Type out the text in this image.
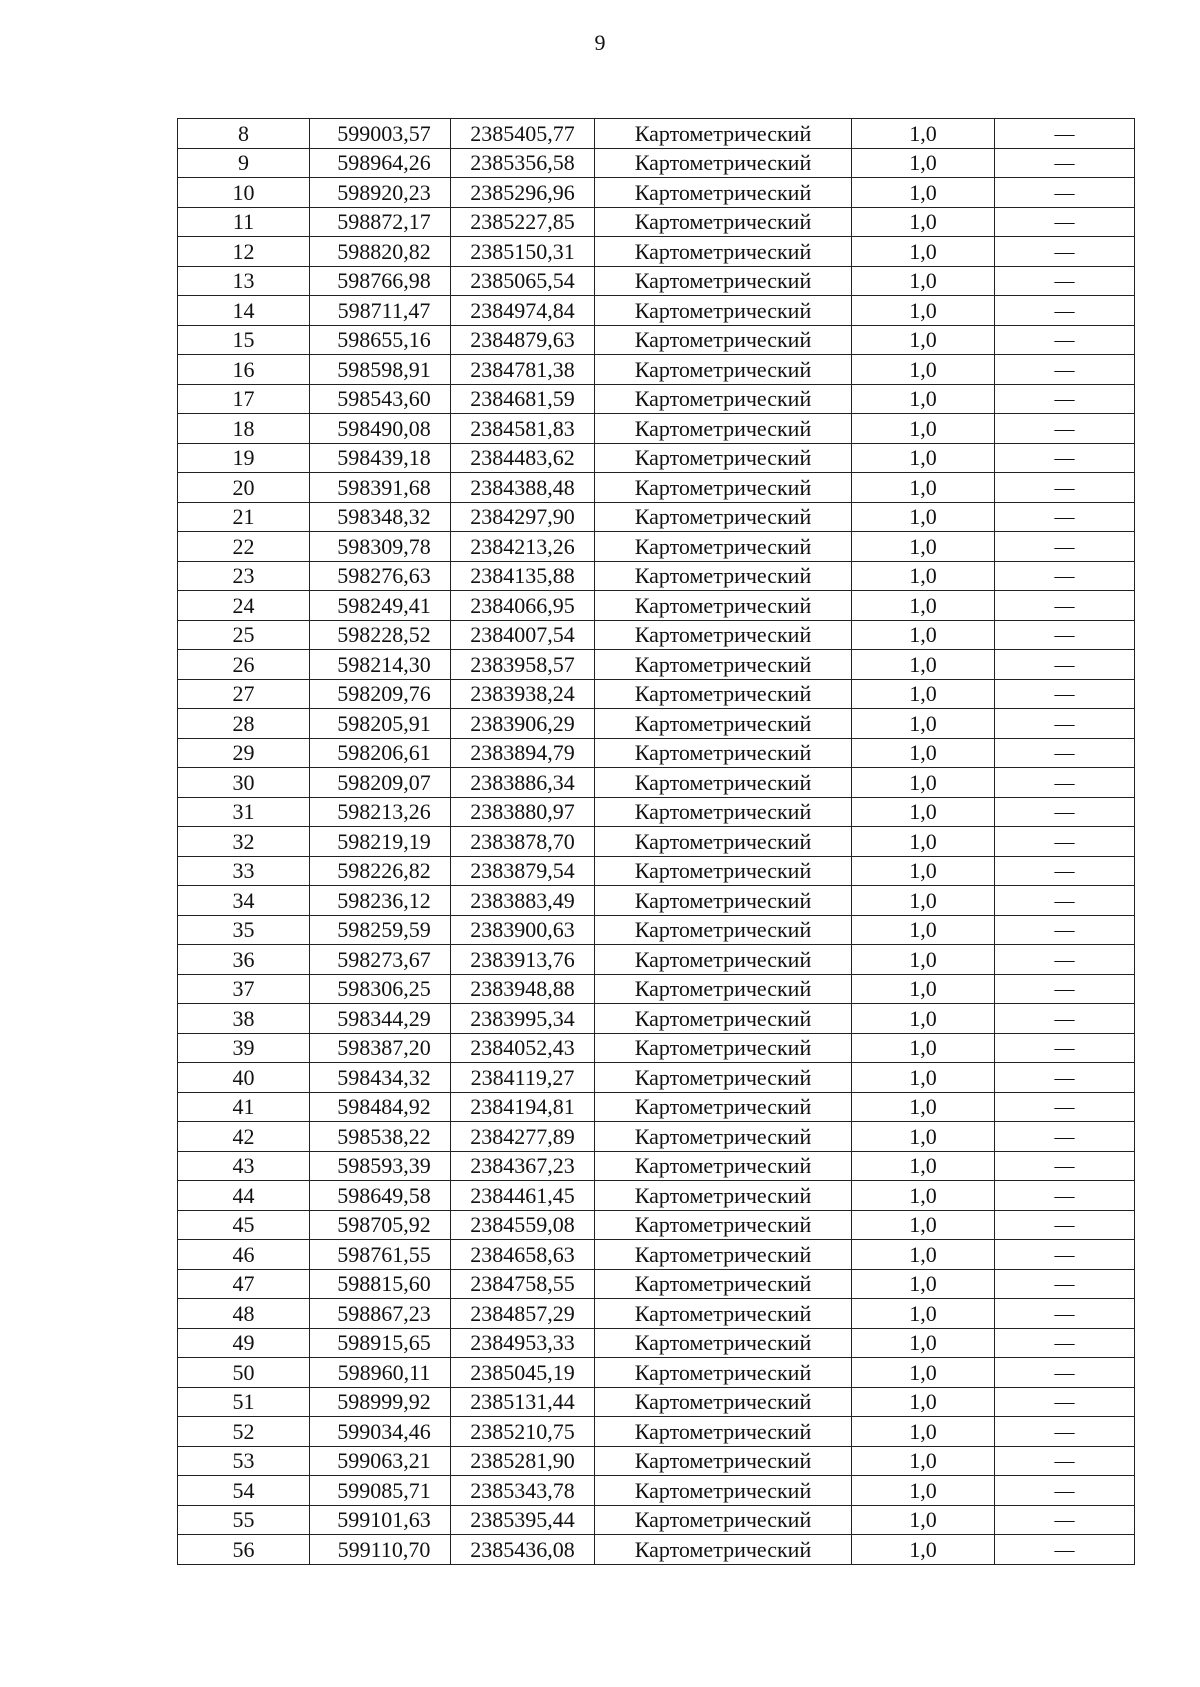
9
8	599003,57	2385405,77	Картометрический	1,0	—
9	598964,26	2385356,58	Картометрический	1,0	—
10	598920,23	2385296,96	Картометрический	1,0	—
11	598872,17	2385227,85	Картометрический	1,0	—
12	598820,82	2385150,31	Картометрический	1,0	—
13	598766,98	2385065,54	Картометрический	1,0	—
14	598711,47	2384974,84	Картометрический	1,0	—
15	598655,16	2384879,63	Картометрический	1,0	—
16	598598,91	2384781,38	Картометрический	1,0	—
17	598543,60	2384681,59	Картометрический	1,0	—
18	598490,08	2384581,83	Картометрический	1,0	—
19	598439,18	2384483,62	Картометрический	1,0	—
20	598391,68	2384388,48	Картометрический	1,0	—
21	598348,32	2384297,90	Картометрический	1,0	—
22	598309,78	2384213,26	Картометрический	1,0	—
23	598276,63	2384135,88	Картометрический	1,0	—
24	598249,41	2384066,95	Картометрический	1,0	—
25	598228,52	2384007,54	Картометрический	1,0	—
26	598214,30	2383958,57	Картометрический	1,0	—
27	598209,76	2383938,24	Картометрический	1,0	—
28	598205,91	2383906,29	Картометрический	1,0	—
29	598206,61	2383894,79	Картометрический	1,0	—
30	598209,07	2383886,34	Картометрический	1,0	—
31	598213,26	2383880,97	Картометрический	1,0	—
32	598219,19	2383878,70	Картометрический	1,0	—
33	598226,82	2383879,54	Картометрический	1,0	—
34	598236,12	2383883,49	Картометрический	1,0	—
35	598259,59	2383900,63	Картометрический	1,0	—
36	598273,67	2383913,76	Картометрический	1,0	—
37	598306,25	2383948,88	Картометрический	1,0	—
38	598344,29	2383995,34	Картометрический	1,0	—
39	598387,20	2384052,43	Картометрический	1,0	—
40	598434,32	2384119,27	Картометрический	1,0	—
41	598484,92	2384194,81	Картометрический	1,0	—
42	598538,22	2384277,89	Картометрический	1,0	—
43	598593,39	2384367,23	Картометрический	1,0	—
44	598649,58	2384461,45	Картометрический	1,0	—
45	598705,92	2384559,08	Картометрический	1,0	—
46	598761,55	2384658,63	Картометрический	1,0	—
47	598815,60	2384758,55	Картометрический	1,0	—
48	598867,23	2384857,29	Картометрический	1,0	—
49	598915,65	2384953,33	Картометрический	1,0	—
50	598960,11	2385045,19	Картометрический	1,0	—
51	598999,92	2385131,44	Картометрический	1,0	—
52	599034,46	2385210,75	Картометрический	1,0	—
53	599063,21	2385281,90	Картометрический	1,0	—
54	599085,71	2385343,78	Картометрический	1,0	—
55	599101,63	2385395,44	Картометрический	1,0	—
56	599110,70	2385436,08	Картометрический	1,0	—
